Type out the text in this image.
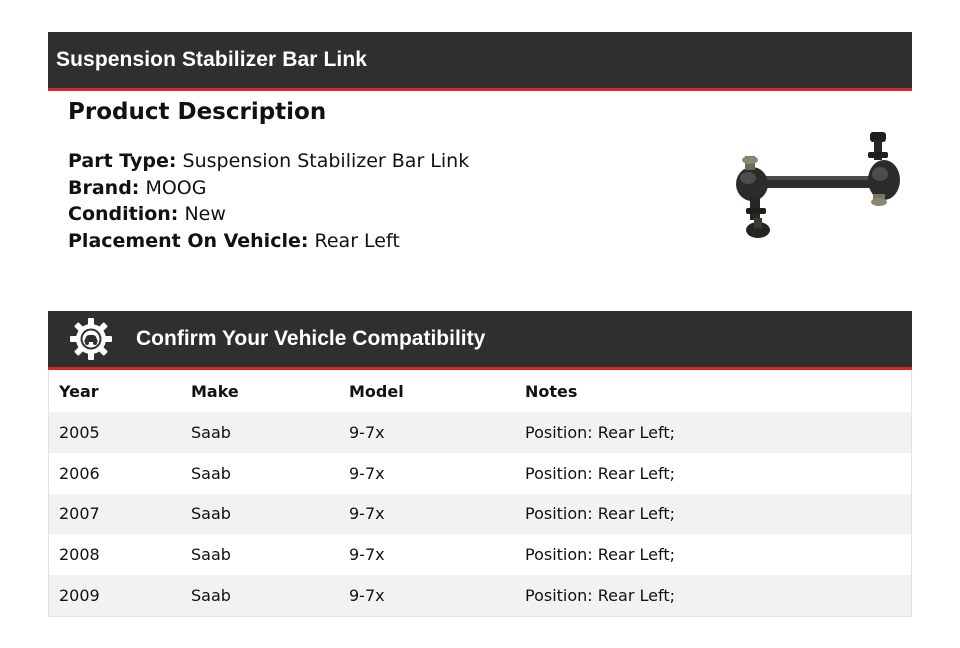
Suspension Stabilizer Bar Link
Product Description
Part Type: Suspension Stabilizer Bar Link
Brand: MOOG
Condition: New
Placement On Vehicle: Rear Left
Confirm Your Vehicle Compatibility
Year	Make	Model	Notes
2005	Saab	9-7x	Position: Rear Left;
2006	Saab	9-7x	Position: Rear Left;
2007	Saab	9-7x	Position: Rear Left;
2008	Saab	9-7x	Position: Rear Left;
2009	Saab	9-7x	Position: Rear Left;
